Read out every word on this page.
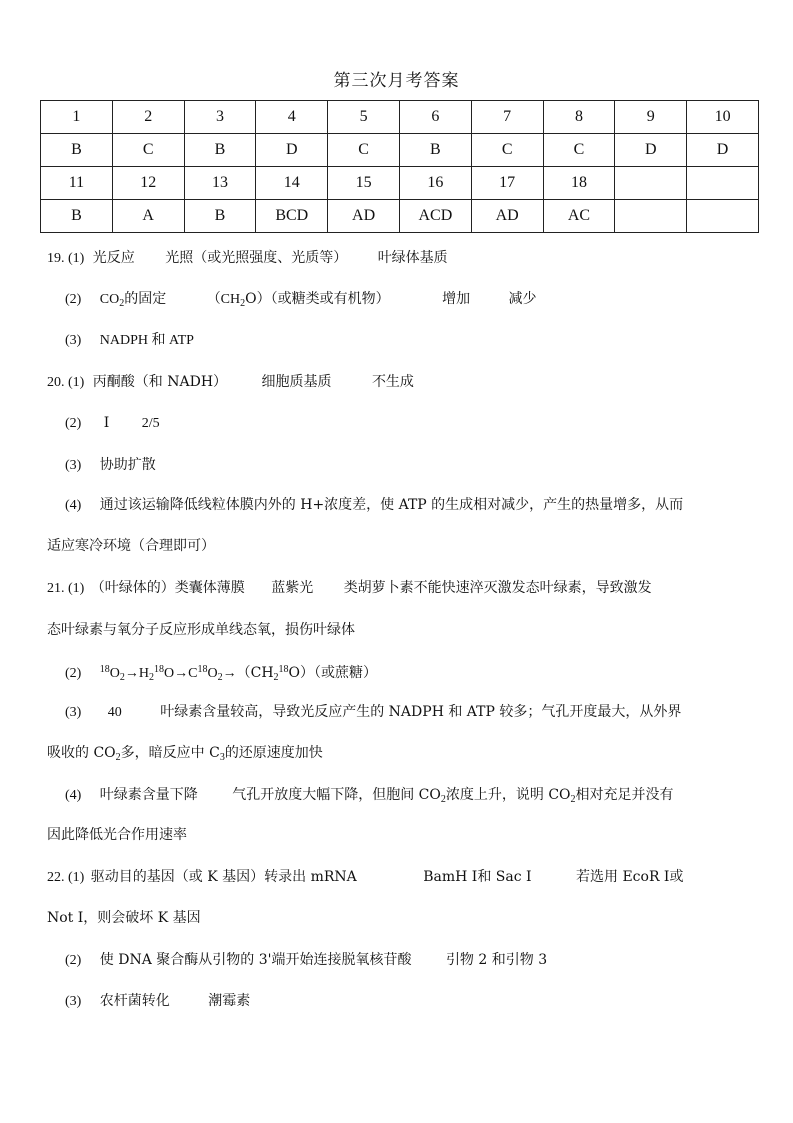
第三次月考答案
1	2	3	4	5	6	7	8	9	10
B	C	B	D	C	B	C	C	D	D
11	12	13	14	15	16	17	18		
B	A	B	BCD	AD	ACD	AD	AC		
19. (1) 光反应 光照（或光照强度、光质等） 叶绿体基质
(2) $CO_2$的固定	$(CH_2O)$（或糖类或有机物）	增加	减少
(3) NADPH 和 ATP
20. (1) 丙酮酸（和 NADH） 细胞质基质	不生成
(2) Ⅰ 2/5
(3) 协助扩散
(4) 通过该运输降低线粒体膜内外的 H+浓度差，使 ATP 的生成相对减少，产生的热量增多，从而
适应寒冷环境（合理即可）
21. (1) （叶绿体的）类囊体薄膜 蓝紫光 类胡萝卜素不能快速淬灭激发态叶绿素，导致激发
态叶绿素与氧分子反应形成单线态氧，损伤叶绿体
(2) $^{18}O_2\to H_2^{18}O\to C^{18}O_2\to(CH_2^{18}O)$（或蔗糖）
(3) 40	叶绿素含量较高，导致光反应产生的 NADPH 和 ATP 较多；气孔开度最大，从外界
吸收的 $CO_2$多，暗反应中 $C_3$的还原速度加快
(4) 叶绿素含量下降 气孔开放度大幅下降，但胞间 $CO_2$浓度上升，说明 $CO_2$相对充足并没有
因此降低光合作用速率
22. (1) 驱动目的基因（或 K 基因）转录出 mRNA	BamH Ⅰ和 Sac Ⅰ	若选用 EcoR Ⅰ或
Not Ⅰ，则会破坏 K 基因
(2) 使 DNA 聚合酶从引物的 3'端开始连接脱氧核苷酸 引物 2 和引物 3
(3) 农杆菌转化	潮霉素
